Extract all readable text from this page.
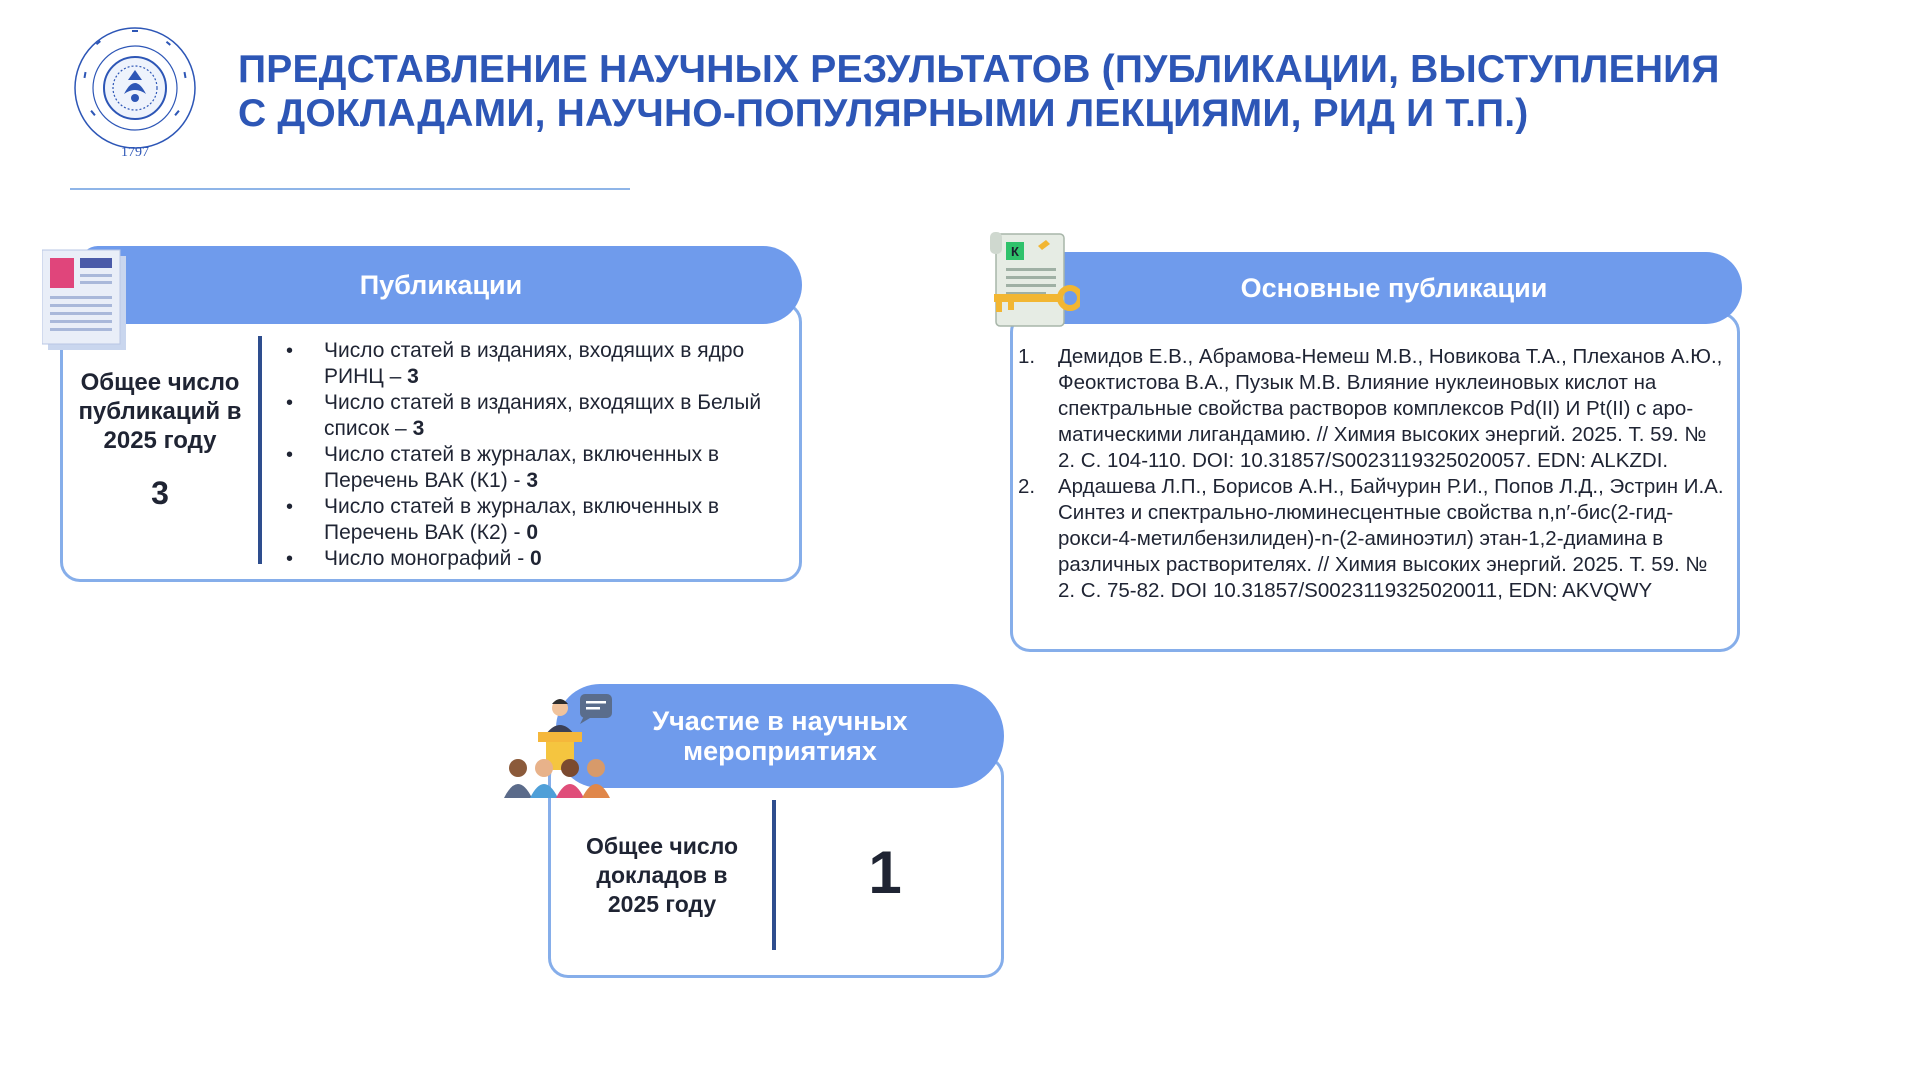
1797
ПРЕДСТАВЛЕНИЕ НАУЧНЫХ РЕЗУЛЬТАТОВ (ПУБЛИКАЦИИ, ВЫСТУПЛЕНИЯ
С ДОКЛАДАМИ, НАУЧНО-ПОПУЛЯРНЫМИ ЛЕКЦИЯМИ, РИД И Т.П.)
Публикации
Общее число публикаций в 2025 году
3
• Число статей в изданиях, входящих в ядро РИНЦ – 3
• Число статей в изданиях, входящих в Белый список – 3
• Число статей в журналах, включенных в Перечень ВАК (К1) - 3
• Число статей в журналах, включенных в Перечень ВАК (К2) - 0
• Число монографий - 0
Основные публикации
К
1. Демидов Е.В., Абрамова-Немеш М.В., Новикова Т.А., Плеханов А.Ю., Феоктистова В.А., Пузык М.В. Влияние нуклеиновых кислот на спектральные свойства растворов комплексов Pd(II) И Pt(II) с аро-матическими лигандамию. // Химия высоких энергий. 2025. Т. 59. № 2. С. 104-110. DOI: 10.31857/S0023119325020057. EDN: ALKZDI.
2. Ардашева Л.П., Борисов А.Н., Байчурин Р.И., Попов Л.Д., Эстрин И.А. Синтез и спектрально-люминесцентные свойства n,n′-бис(2-гид-рокси-4-метилбензилиден)-n-(2-аминоэтил) этан-1,2-диамина в различных растворителях. // Химия высоких энергий. 2025. Т. 59. № 2. С. 75-82. DOI 10.31857/S0023119325020011, EDN: AKVQWY
Участие в научных
мероприятиях
Общее число докладов в 2025 году	1
